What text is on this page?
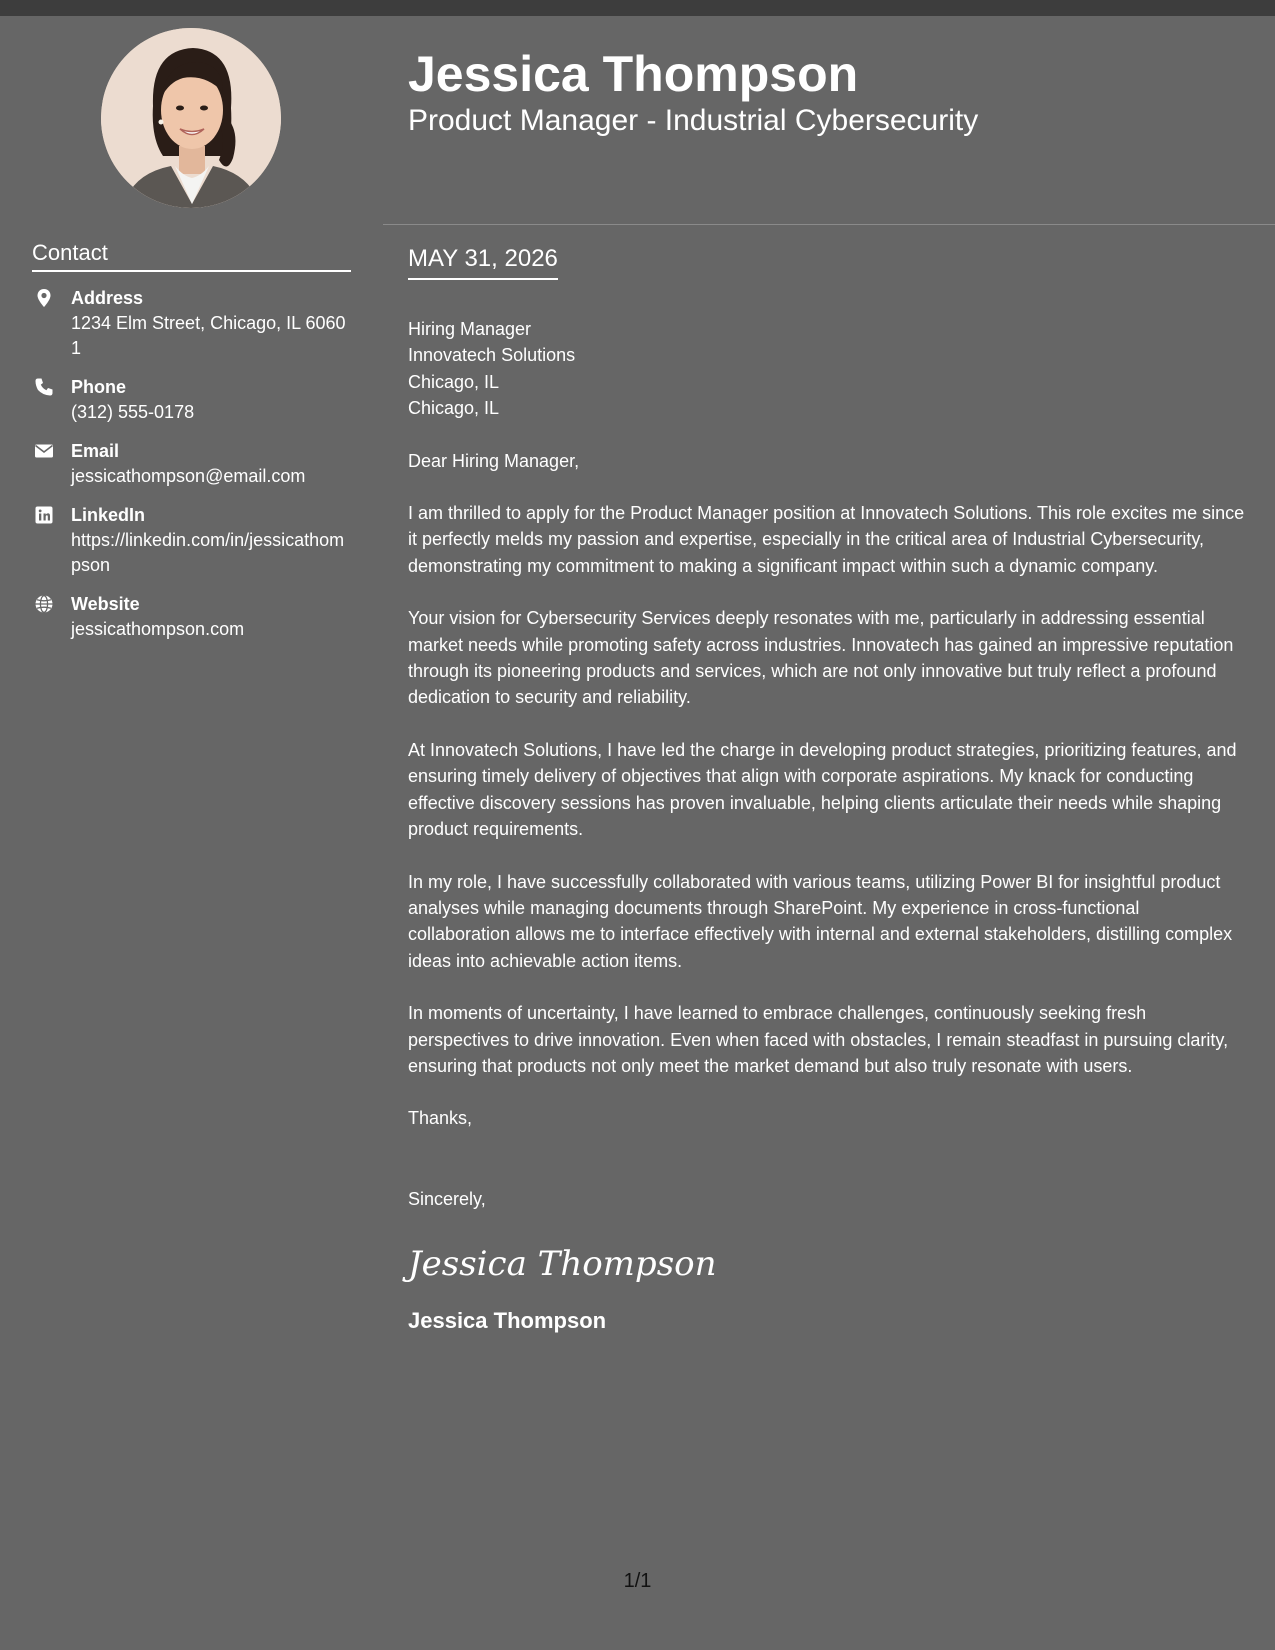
Contact
Address
1234 Elm Street, Chicago, IL 60601
Phone
(312) 555-0178
Email
jessicathompson@email.com
LinkedIn
https://linkedin.com/in/jessicathompson
Website
jessicathompson.com
Jessica Thompson
Product Manager - Industrial Cybersecurity
MAY 31, 2026
Hiring Manager
Innovatech Solutions
Chicago, IL
Chicago, IL

Dear Hiring Manager,

I am thrilled to apply for the Product Manager position at Innovatech Solutions. This role excites me since it perfectly melds my passion and expertise, especially in the critical area of Industrial Cybersecurity, demonstrating my commitment to making a significant impact within such a dynamic company.

Your vision for Cybersecurity Services deeply resonates with me, particularly in addressing essential market needs while promoting safety across industries. Innovatech has gained an impressive reputation through its pioneering products and services, which are not only innovative but truly reflect a profound dedication to security and reliability.

At Innovatech Solutions, I have led the charge in developing product strategies, prioritizing features, and ensuring timely delivery of objectives that align with corporate aspirations. My knack for conducting effective discovery sessions has proven invaluable, helping clients articulate their needs while shaping product requirements.

In my role, I have successfully collaborated with various teams, utilizing Power BI for insightful product analyses while managing documents through SharePoint. My experience in cross-functional collaboration allows me to interface effectively with internal and external stakeholders, distilling complex ideas into achievable action items.

In moments of uncertainty, I have learned to embrace challenges, continuously seeking fresh perspectives to drive innovation. Even when faced with obstacles, I remain steadfast in pursuing clarity, ensuring that products not only meet the market demand but also truly resonate with users.

Thanks,

Sincerely,
Jessica Thompson
Jessica Thompson
1/1
